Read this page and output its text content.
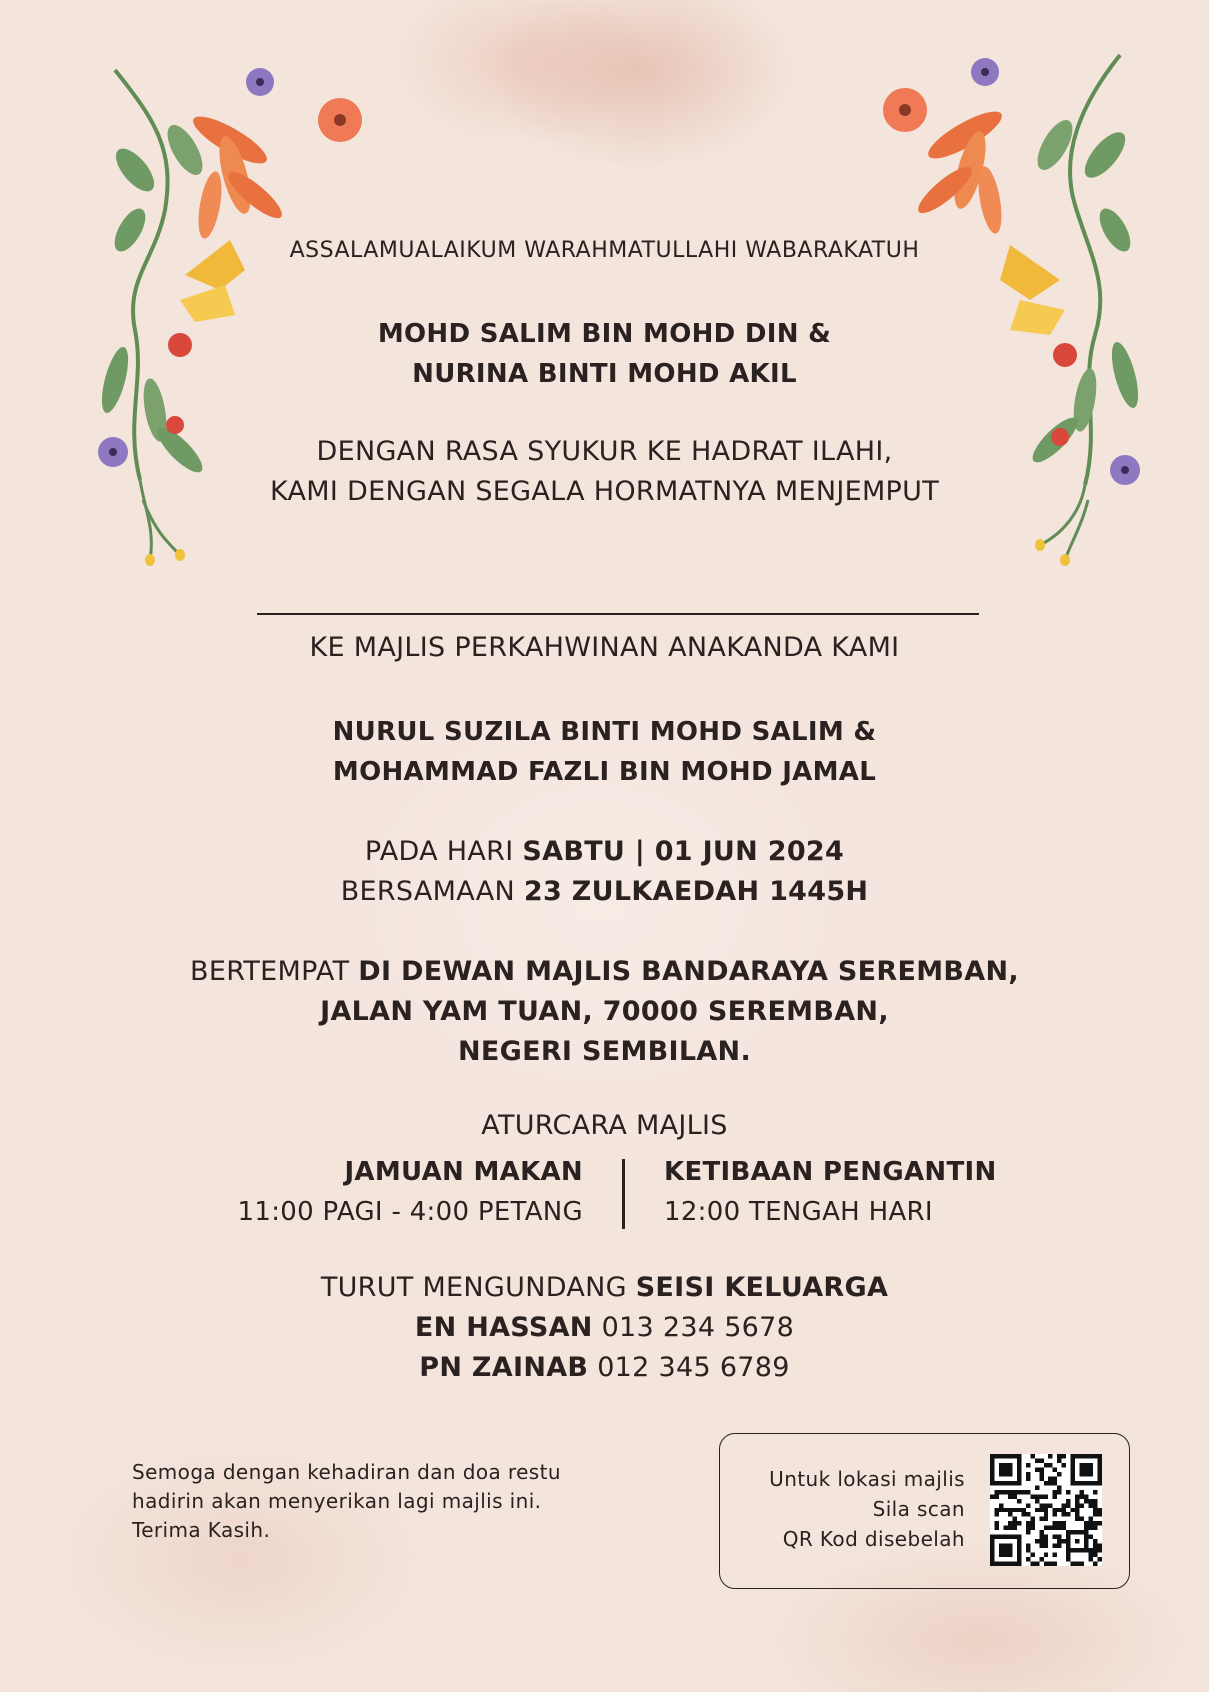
ASSALAMUALAIKUM WARAHMATULLAHI WABARAKATUH

MOHD SALIM BIN MOHD DIN &

NURINA BINTI MOHD AKIL

DENGAN RASA SYUKUR KE HADRAT ILAHI,

KAMI DENGAN SEGALA HORMATNYA MENJEMPUT

KE MAJLIS PERKAHWINAN ANAKANDA KAMI

NURUL SUZILA BINTI MOHD SALIM &

MOHAMMAD FAZLI BIN MOHD JAMAL

PADA HARI SABTU | 01 JUN 2024

BERSAMAAN 23 ZULKAEDAH 1445H

BERTEMPAT DI DEWAN MAJLIS BANDARAYA SEREMBAN,

JALAN YAM TUAN, 70000 SEREMBAN,

NEGERI SEMBILAN.

ATURCARA MAJLIS

JAMUAN MAKAN

11:00 PAGI - 4:00 PETANG

KETIBAAN PENGANTIN

12:00 TENGAH HARI

TURUT MENGUNDANG SEISI KELUARGA

EN HASSAN 013 234 5678

PN ZAINAB 012 345 6789

Semoga dengan kehadiran dan doa restu

hadirin akan menyerikan lagi majlis ini.

Terima Kasih.

Untuk lokasi majlis

Sila scan

QR Kod disebelah
